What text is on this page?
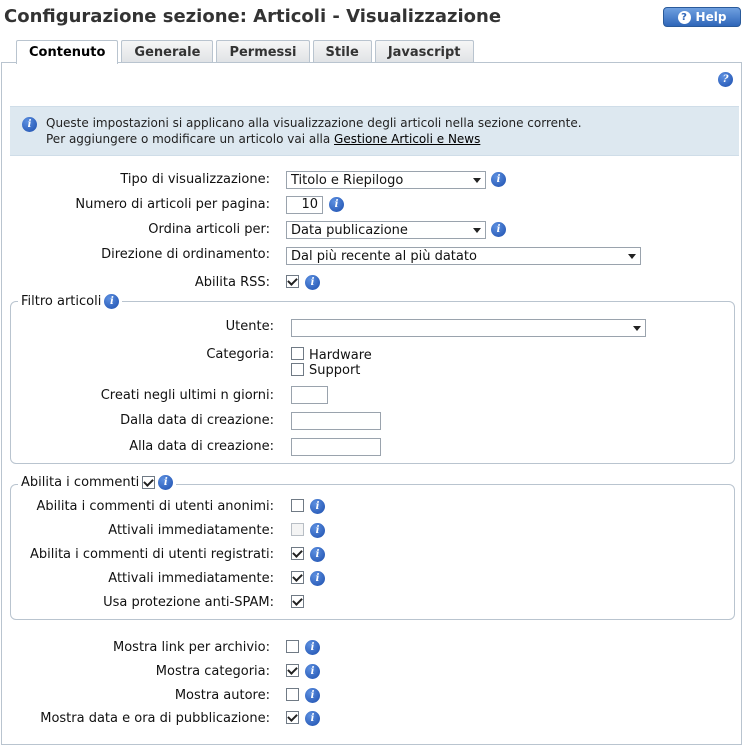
Configurazione sezione: Articoli - Visualizzazione	? Help
Contenuto	Generale	Permessi	Stile	Javascript
?
i	Queste impostazioni si applicano alla visualizzazione degli articoli nella sezione corrente.
Per aggiungere o modificare un articolo vai alla Gestione Articoli e News
Tipo di visualizzazione: Titolo e Riepilogo	i
Numero di articoli per pagina:	10	i
Ordina articoli per: Data publicazione	i
Direzione di ordinamento: Dal più recente al più datato
Abilita RSS:	i
Filtro articoli i
Utente:
Categoria:	Hardware
Support
Creati negli ultimi n giorni:
Dalla data di creazione:
Alla data di creazione:
Abilita i commenti	i
Abilita i commenti di utenti anonimi:	i
Attivali immediatamente:	i
Abilita i commenti di utenti registrati:	i
Attivali immediatamente:	i
Usa protezione anti-SPAM:
Mostra link per archivio:	i
Mostra categoria:	i
Mostra autore:	i
Mostra data e ora di pubblicazione:	i
